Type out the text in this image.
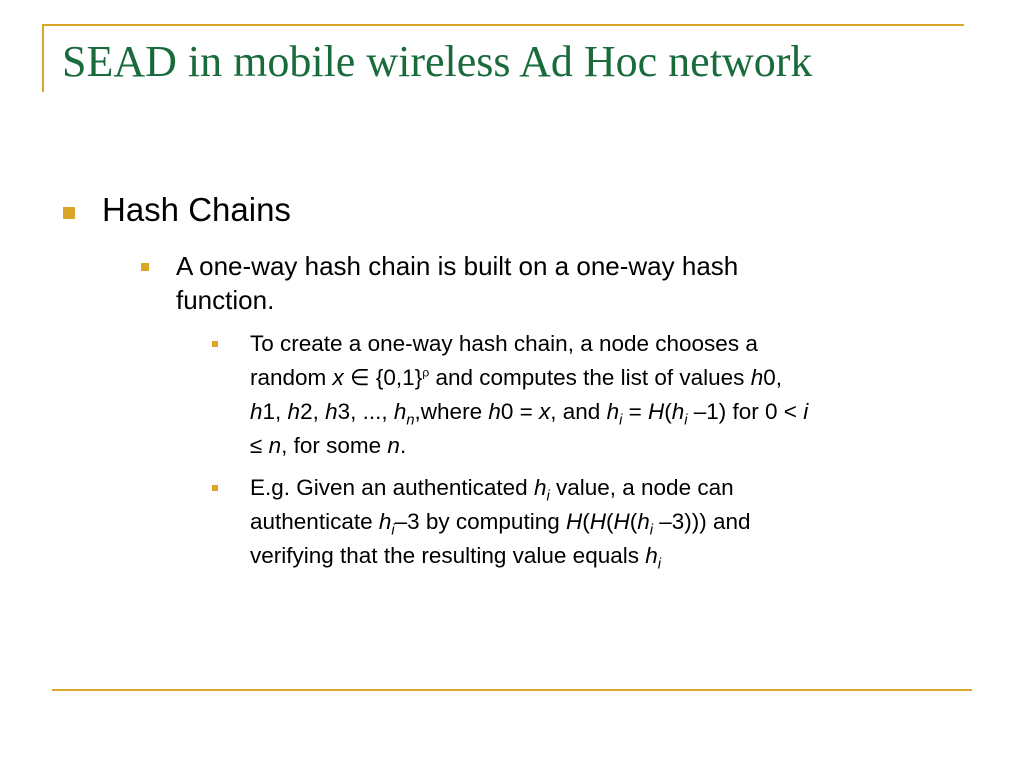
SEAD in mobile wireless Ad Hoc network
Hash Chains
A one-way hash chain is built on a one-way hash
function.
To create a one-way hash chain, a node chooses a
random x ∈ $\{0,1\}^\rho$ and computes the list of values h0,
h1, h2, h3, ..., $h_n,where$ h0 = x, and $h_i = H(h_i$ –1) for 0 < i
≤ n, for some n.
E.g. Given an authenticated $h_i$ value, a node can
authenticate $h_i-3$ by computing $H(H(H(h_i$ –3))) and
verifying that the resulting value equals $h_i$
